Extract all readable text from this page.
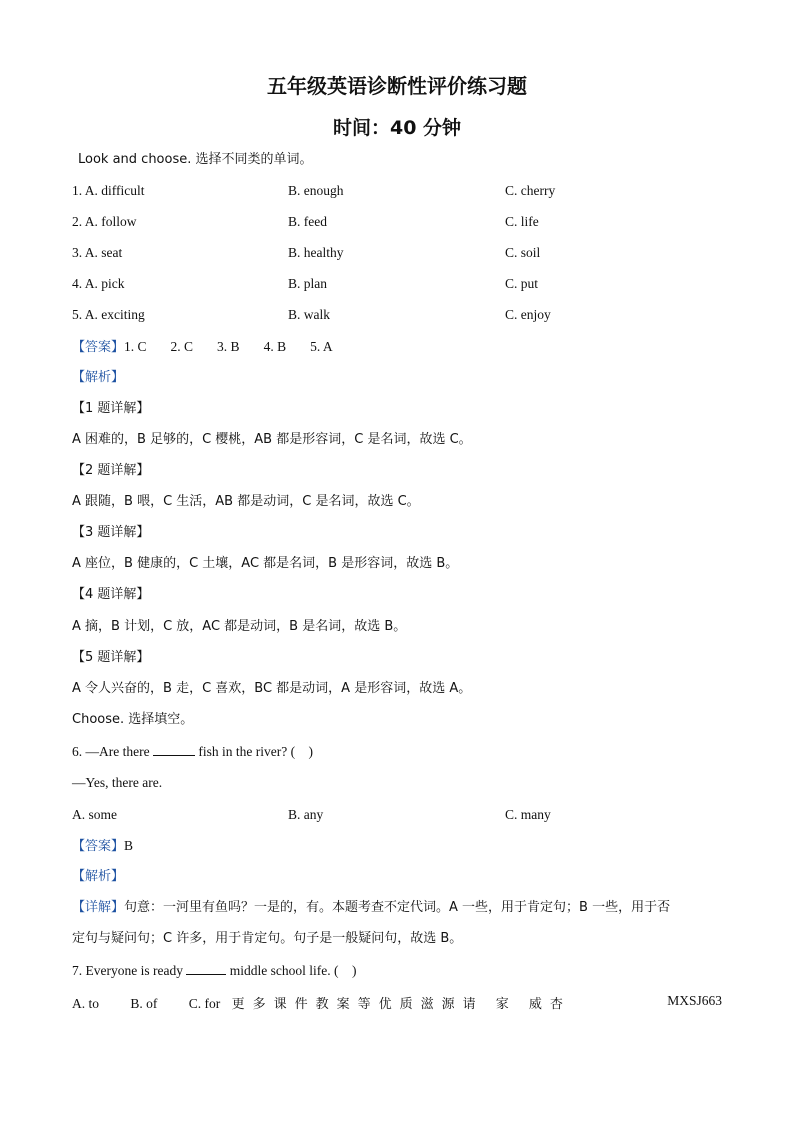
五年级英语诊断性评价练习题
时间：40 分钟
Look and choose. 选择不同类的单词。
1. A. difficult	B. enough	C. cherry
2. A. follow	B. feed	C. life
3. A. seat	B. healthy	C. soil
4. A. pick	B. plan	C. put
5. A. exciting	B. walk	C. enjoy
【答案】1. C 2. C 3. B 4. B 5. A
【解析】
【1 题详解】
A 困难的，B 足够的，C 樱桃，AB 都是形容词，C 是名词，故选 C。
【2 题详解】
A 跟随，B 喂，C 生活，AB 都是动词，C 是名词，故选 C。
【3 题详解】
A 座位，B 健康的，C 土壤，AC 都是名词，B 是形容词，故选 B。
【4 题详解】
A 摘，B 计划，C 放，AC 都是动词，B 是名词，故选 B。
【5 题详解】
A 令人兴奋的，B 走，C 喜欢，BC 都是动词，A 是形容词，故选 A。
Choose. 选择填空。
6. —Are there	fish in the river? (　)
—Yes, there are.
A. some	B. any	C. many
【答案】B
【解析】
【详解】句意：一河里有鱼吗？一是的，有。本题考查不定代词。A 一些，用于肯定句；B 一些，用于否
定句与疑问句；C 许多，用于肯定句。句子是一般疑问句，故选 B。
7. Everyone is ready	middle school life. (　)
A. to B. of C. for 更多课件教案等优质滋源请 家 威杏	MXSJ663
